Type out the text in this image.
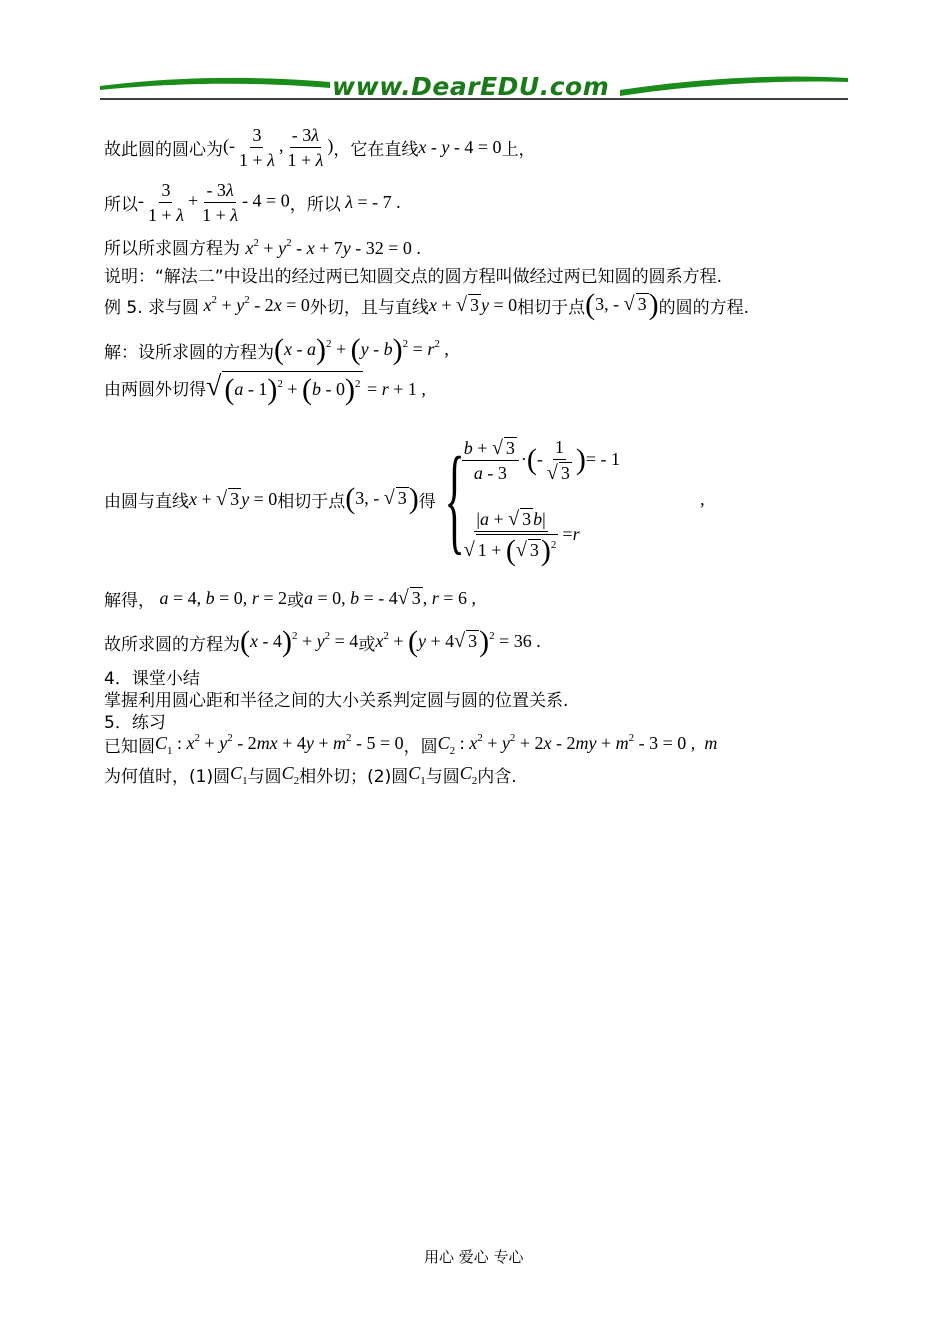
www.DearEDU.com
故此圆的圆心为 (- $\frac{3}{1 + \lambda}$ , $\frac{- 3\lambda}{1 + \lambda}$ ) ，它在直线 x - y - 4 = 0 上，
所以 - $\frac{3}{1 + \lambda} + \frac{- 3\lambda}{1 + \lambda} - 4 = 0$ ，所以 λ = - 7 .
所以所求圆方程为 $x^2 + y^2 - x + 7y - 32 = 0$ .
说明：“解法二”中设出的经过两已知圆交点的圆方程叫做经过两已知圆的圆系方程.
例 5. 求与圆 $x^2 + y^2 - 2x = 0$ 外切，且与直线 x + √ 3 y = 0 相切于点 (3, - √ 3) 的圆的方程.
解：设所求圆的方程为 $(x - a)^2 + (y - b)^2 = r^2$ ,
由两圆外切得 √ (a - 1)$^2$ + (b - 0)$^2$ = r + 1 ,
由圆与直线 x + √ 3 y = 0 相切于点 (3, - √ 3) 得 {
$\frac{b + √ 3}{a - 3}$ · ( - $\frac{1}{√ 3}$ ) = - 1
$\frac{|a + √ 3 b|}{√ 1 + (√ 3)^2} = r$
,
解得， a = 4, b = 0, r = 2 或 a = 0, b = - 4√ 3 , r = 6 ,
故所求圆的方程为 $(x - 4)^2 + y^2 = 4$ 或 $x^2 + (y + 4√$ 3)$^2$ = 36 .
4．课堂小结
掌握利用圆心距和半径之间的大小关系判定圆与圆的位置关系.
5．练习
已知圆 $C_1$ : $x^2 + y^2 - 2mx + 4y + m^2 - 5 = 0$ ，圆 $C_2$ : $x^2 + y^2 + 2x - 2my + m^2 - 3 = 0$ ,  m
为何值时，(1)圆 $C_1$ 与圆 $C_2$ 相外切；(2)圆 $C_1$ 与圆 $C_2$ 内含.
用心 爱心 专心
